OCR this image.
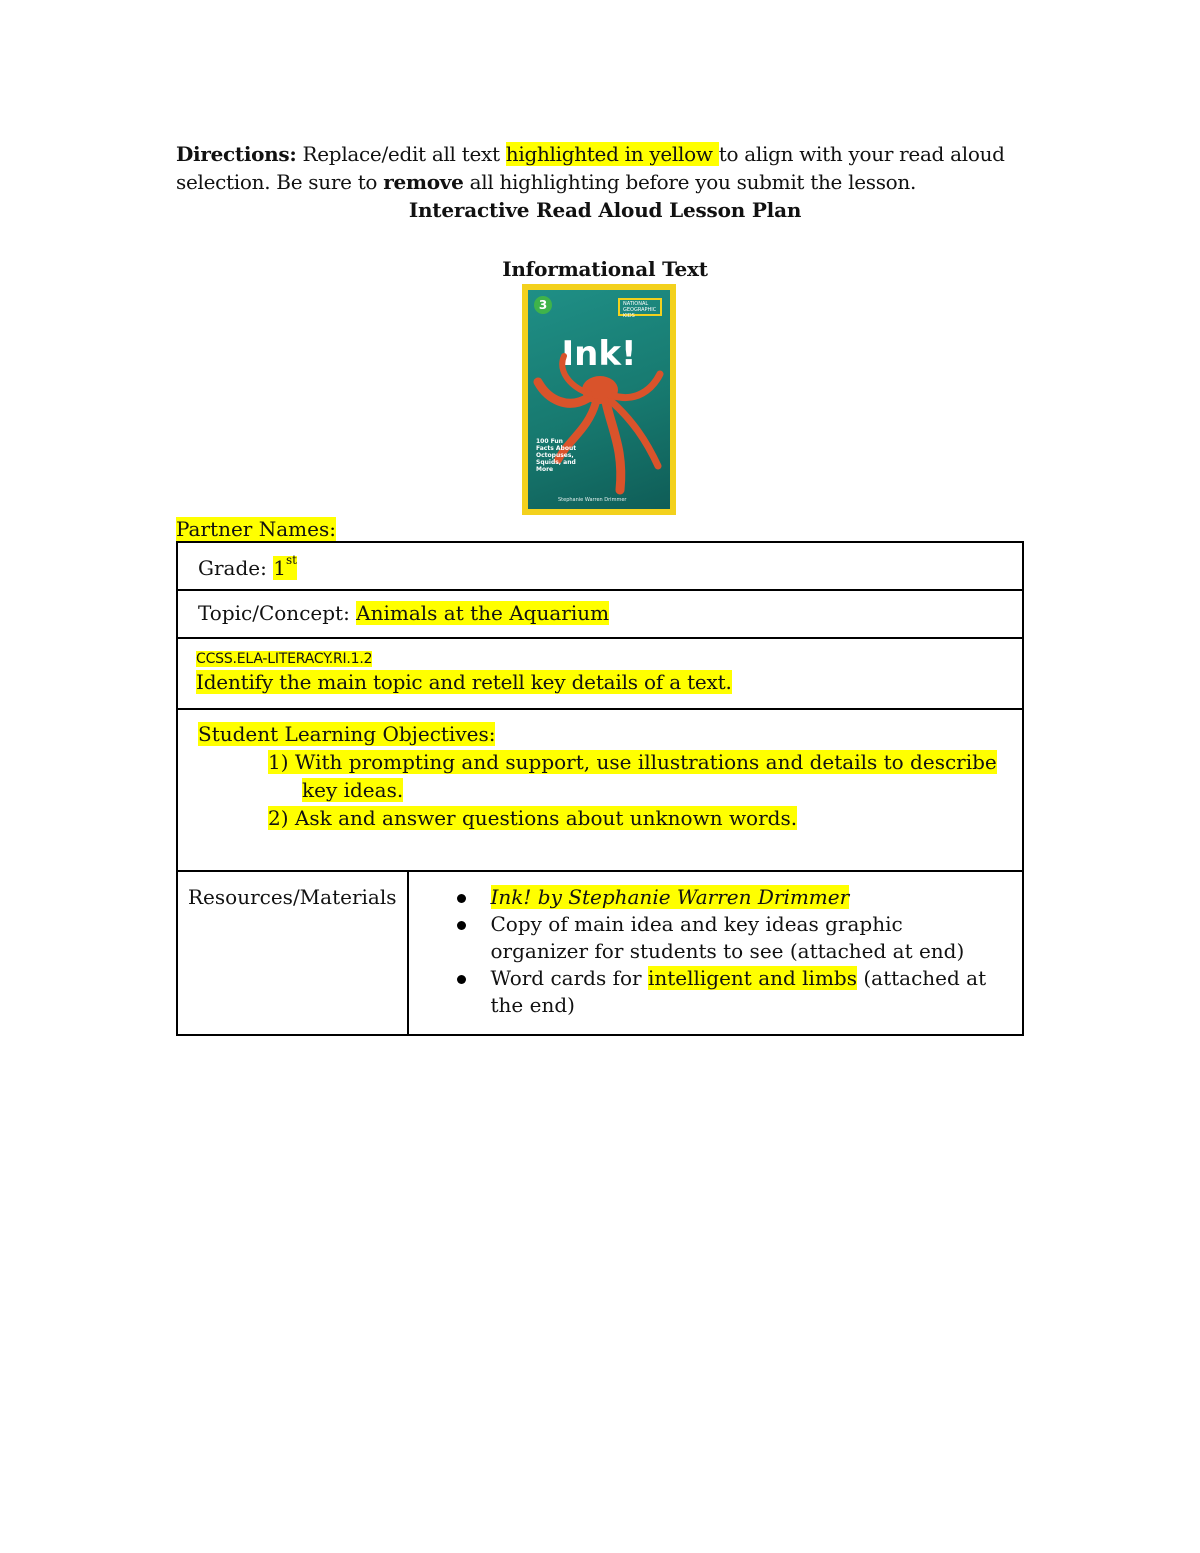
Directions: Replace/edit all text highlighted in yellow to align with your read aloud selection. Be sure to remove all highlighting before you submit the lesson.
Interactive Read Aloud Lesson Plan
Informational Text
3	NATIONAL GEOGRAPHIC KIDS
Ink!
100 Fun Facts About Octopuses, Squids, and More
Stephanie Warren Drimmer
Partner Names:
Grade: 1st
Topic/Concept: Animals at the Aquarium

CCSS.ELA-LITERACY.RI.1.2
Identify the main topic and retell key details of a text.

Student Learning Objectives:
1) With prompting and support, use illustrations and details to describe
key ideas.
2) Ask and answer questions about unknown words.

Resources/Materials	Ink! by Stephanie Warren Drimmer
Copy of main idea and key ideas graphic
organizer for students to see (attached at end)
Word cards for intelligent and limbs (attached at the end)
